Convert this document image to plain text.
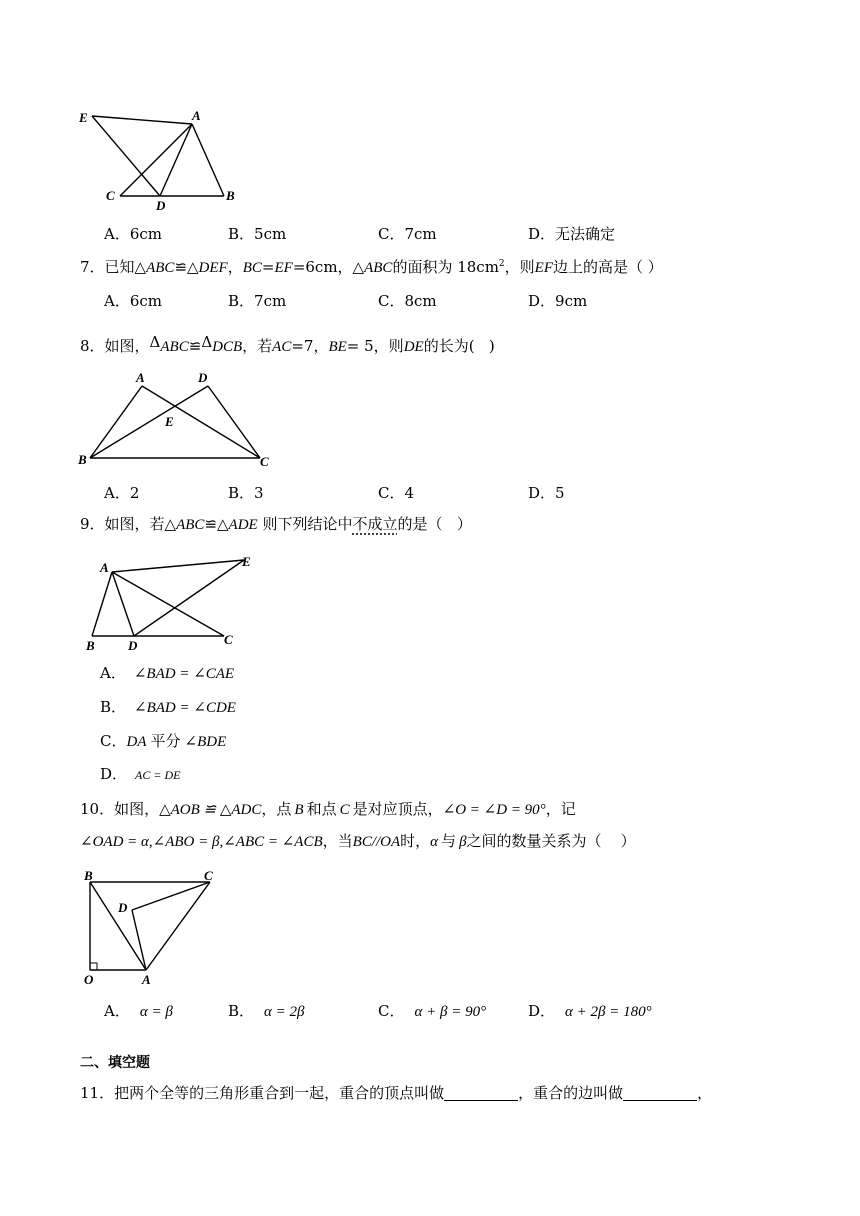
E	A
C
D
B
A．6cm	B．5cm	C．7cm	D．无法确定
7．已知△ABC≌△DEF，BC=EF=6cm，△ABC的面积为 $18cm^2$，则EF边上的高是（ ）
A．6cm	B．7cm	C．8cm	D．9cm
8．如图，ΔABC≌ΔDCB，若AC=7，BE= 5，则DE的长为(   )
A	D
E
B	C
A．2	B．3	C．4	D．5
9．如图，若△ABC≌△ADE 则下列结论中不成立的是（   ）
A	E
B	D	C
A． ∠BAD = ∠CAE
B． ∠BAD = ∠CDE
C．DA 平分 ∠BDE
D． AC = DE
10．如图，△AOB ≌ △ADC，点 B 和点 C 是对应顶点，∠O = ∠D = 90°，记
∠OAD = α,∠ABO = β,∠ABC = ∠ACB，当BC//OA时，α 与 β之间的数量关系为（    ）
B	C
D
O	A
A． α = β	B． α = 2β	C． α + β = 90°	D． α + 2β = 180°
二、填空题
11．把两个全等的三角形重合到一起，重合的顶点叫做	，重合的边叫做	，
